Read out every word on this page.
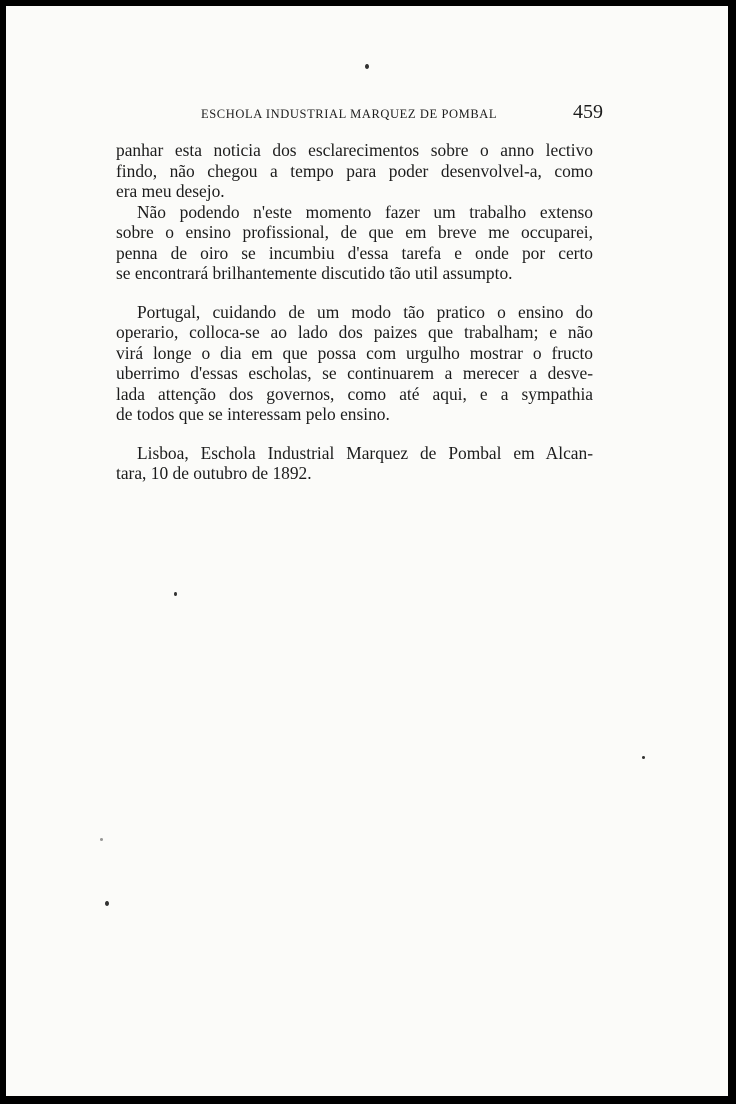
ESCHOLA INDUSTRIAL MARQUEZ DE POMBAL	459
panhar esta noticia dos esclarecimentos sobre o anno lectivo
findo, não chegou a tempo para poder desenvolvel-a, como
era meu desejo.
Não podendo n'este momento fazer um trabalho extenso
sobre o ensino profissional, de que em breve me occuparei,
penna de oiro se incumbiu d'essa tarefa e onde por certo
se encontrará brilhantemente discutido tão util assumpto.
Portugal, cuidando de um modo tão pratico o ensino do
operario, colloca-se ao lado dos paizes que trabalham; e não
virá longe o dia em que possa com urgulho mostrar o fructo
uberrimo d'essas escholas, se continuarem a merecer a desve-
lada attenção dos governos, como até aqui, e a sympathia
de todos que se interessam pelo ensino.
Lisboa, Eschola Industrial Marquez de Pombal em Alcan-
tara, 10 de outubro de 1892.
